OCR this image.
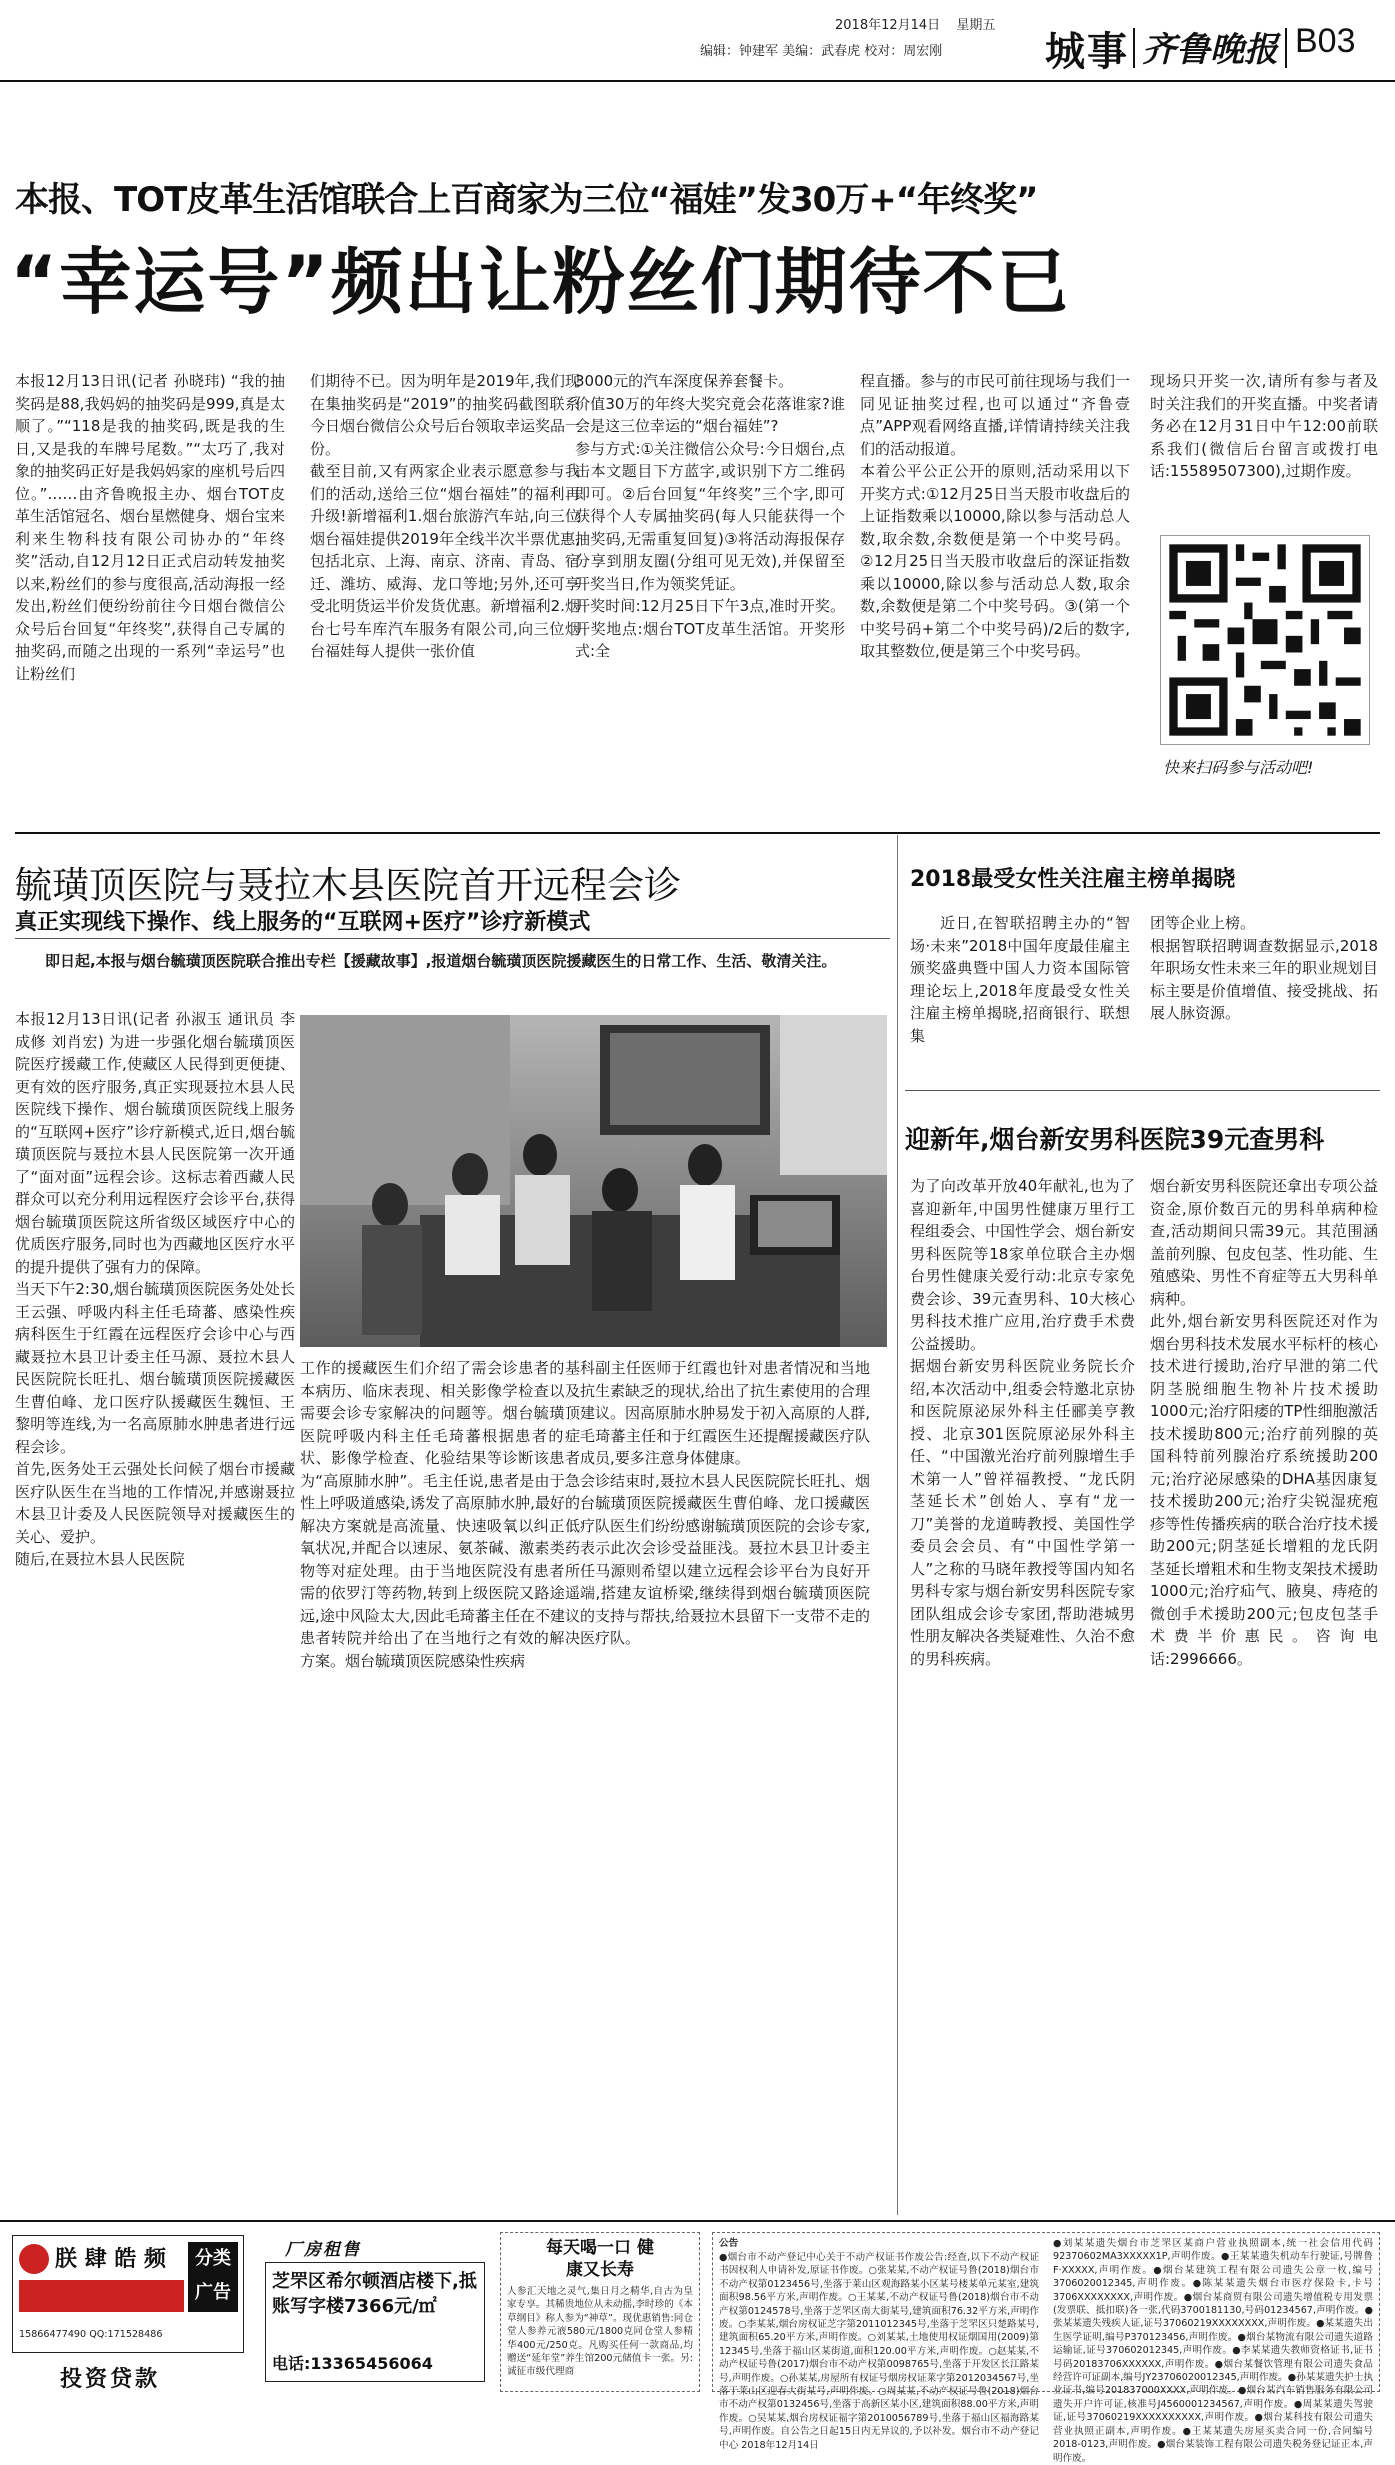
2018年12月14日 星期五
编辑：钟建军 美编：武春虎 校对：周宏刚	城事 齐鲁晚报 B03
本报、TOT皮革生活馆联合上百商家为三位“福娃”发30万+“年终奖”
“幸运号”频出让粉丝们期待不已
本报12月13日讯(记者 孙晓玮) “我的抽奖码是88,我妈妈的抽奖码是999,真是太顺了。”“118是我的抽奖码,既是我的生日,又是我的车牌号尾数。”“太巧了,我对象的抽奖码正好是我妈妈家的座机号后四位。”……由齐鲁晚报主办、烟台TOT皮革生活馆冠名、烟台星燃健身、烟台宝来利来生物科技有限公司协办的“年终奖”活动,自12月12日正式启动转发抽奖以来,粉丝们的参与度很高,活动海报一经发出,粉丝们便纷纷前往今日烟台微信公众号后台回复“年终奖”,获得自己专属的抽奖码,而随之出现的一系列“幸运号”也让粉丝们
们期待不已。因为明年是2019年,我们现在集抽奖码是“2019”的抽奖码截图联系今日烟台微信公众号后台领取幸运奖品一份。
截至目前,又有两家企业表示愿意参与我们的活动,送给三位“烟台福娃”的福利再升级!新增福利1.烟台旅游汽车站,向三位烟台福娃提供2019年全线半次半票优惠,包括北京、上海、南京、济南、青岛、宿迁、潍坊、威海、龙口等地;另外,还可享受北明货运半价发货优惠。新增福利2.烟台七号车库汽车服务有限公司,向三位烟台福娃每人提供一张价值
3000元的汽车深度保养套餐卡。
价值30万的年终大奖究竟会花落谁家?谁会是这三位幸运的“烟台福娃”?
参与方式:①关注微信公众号:今日烟台,点击本文题目下方蓝字,或识别下方二维码即可。②后台回复“年终奖”三个字,即可获得个人专属抽奖码(每人只能获得一个抽奖码,无需重复回复)③将活动海报保存分享到朋友圈(分组可见无效),并保留至开奖当日,作为领奖凭证。
开奖时间:12月25日下午3点,准时开奖。开奖地点:烟台TOT皮革生活馆。开奖形式:全
程直播。参与的市民可前往现场与我们一同见证抽奖过程,也可以通过“齐鲁壹点”APP观看网络直播,详情请持续关注我们的活动报道。
本着公平公正公开的原则,活动采用以下开奖方式:①12月25日当天股市收盘后的上证指数乘以10000,除以参与活动总人数,取余数,余数便是第一个中奖号码。②12月25日当天股市收盘后的深证指数乘以10000,除以参与活动总人数,取余数,余数便是第二个中奖号码。③(第一个中奖号码+第二个中奖号码)/2后的数字,取其整数位,便是第三个中奖号码。
现场只开奖一次,请所有参与者及时关注我们的开奖直播。中奖者请务必在12月31日中午12:00前联系我们(微信后台留言或拨打电话:15589507300),过期作废。
快来扫码参与活动吧!
毓璜顶医院与聂拉木县医院首开远程会诊
真正实现线下操作、线上服务的“互联网+医疗”诊疗新模式
即日起,本报与烟台毓璜顶医院联合推出专栏【援藏故事】,报道烟台毓璜顶医院援藏医生的日常工作、生活、敬清关注。
本报12月13日讯(记者 孙淑玉 通讯员 李成修 刘肖宏) 为进一步强化烟台毓璜顶医院医疗援藏工作,使藏区人民得到更便捷、更有效的医疗服务,真正实现聂拉木县人民医院线下操作、烟台毓璜顶医院线上服务的“互联网+医疗”诊疗新模式,近日,烟台毓璜顶医院与聂拉木县人民医院第一次开通了“面对面”远程会诊。这标志着西藏人民群众可以充分利用远程医疗会诊平台,获得烟台毓璜顶医院这所省级区域医疗中心的优质医疗服务,同时也为西藏地区医疗水平的提升提供了强有力的保障。
当天下午2:30,烟台毓璜顶医院医务处处长王云强、呼吸内科主任毛琦蕃、感染性疾病科医生于红霞在远程医疗会诊中心与西藏聂拉木县卫计委主任马源、聂拉木县人民医院院长旺扎、烟台毓璜顶医院援藏医生曹伯峰、龙口医疗队援藏医生魏恒、王黎明等连线,为一名高原肺水肿患者进行远程会诊。
首先,医务处王云强处长问候了烟台市援藏医疗队医生在当地的工作情况,并感谢聂拉木县卫计委及人民医院领导对援藏医生的关心、爱护。
随后,在聂拉木县人民医院
工作的援藏医生们介绍了需会诊患者的基本病历、临床表现、相关影像学检查以及需要会诊专家解决的问题等。烟台毓璜顶医院呼吸内科主任毛琦蕃根据患者的症状、影像学检查、化验结果等诊断该患者为“高原肺水肿”。毛主任说,患者是由于急性上呼吸道感染,诱发了高原肺水肿,最好的解决方案就是高流量、快速吸氧以纠正低氧状况,并配合以速尿、氨茶碱、激素类药物等对症处理。由于当地医院没有患者所需的依罗汀等药物,转到上级医院又路途遥远,途中风险太大,因此毛琦蕃主任在不建议患者转院并给出了在当地行之有效的解决方案。烟台毓璜顶医院感染性疾病
科副主任医师于红霞也针对患者情况和当地抗生素缺乏的现状,给出了抗生素使用的合理建议。因高原肺水肿易发于初入高原的人群,毛琦蕃主任和于红霞医生还提醒援藏医疗队成员,要多注意身体健康。
会诊结束时,聂拉木县人民医院院长旺扎、烟台毓璜顶医院援藏医生曹伯峰、龙口援藏医疗队医生们纷纷感谢毓璜顶医院的会诊专家,表示此次会诊受益匪浅。聂拉木县卫计委主任马源则希望以建立远程会诊平台为良好开端,搭建友谊桥梁,继续得到烟台毓璜顶医院的支持与帮扶,给聂拉木县留下一支带不走的医疗队。
2018最受女性关注雇主榜单揭晓
近日,在智联招聘主办的“智场·未来”2018中国年度最佳雇主颁奖盛典暨中国人力资本国际管理论坛上,2018年度最受女性关注雇主榜单揭晓,招商银行、联想集
团等企业上榜。
根据智联招聘调查数据显示,2018年职场女性未来三年的职业规划目标主要是价值增值、接受挑战、拓展人脉资源。
迎新年,烟台新安男科医院39元查男科
为了向改革开放40年献礼,也为了喜迎新年,中国男性健康万里行工程组委会、中国性学会、烟台新安男科医院等18家单位联合主办烟台男性健康关爱行动:北京专家免费会诊、39元查男科、10大核心男科技术推广应用,治疗费手术费公益援助。
据烟台新安男科医院业务院长介绍,本次活动中,组委会特邀北京协和医院原泌尿外科主任郦美亨教授、北京301医院原泌尿外科主任、“中国激光治疗前列腺增生手术第一人”曾祥福教授、“龙氏阴茎延长术”创始人、享有“龙一刀”美誉的龙道畴教授、美国性学委员会会员、有“中国性学第一人”之称的马晓年教授等国内知名男科专家与烟台新安男科医院专家团队组成会诊专家团,帮助港城男性朋友解决各类疑难性、久治不愈的男科疾病。
烟台新安男科医院还拿出专项公益资金,原价数百元的男科单病种检查,活动期间只需39元。其范围涵盖前列腺、包皮包茎、性功能、生殖感染、男性不育症等五大男科单病种。
此外,烟台新安男科医院还对作为烟台男科技术发展水平标杆的核心技术进行援助,治疗早泄的第二代阴茎脱细胞生物补片技术援助1000元;治疗阳痿的TP性细胞激活技术援助800元;治疗前列腺的英国科特前列腺治疗系统援助200元;治疗泌尿感染的DHA基因康复技术援助200元;治疗尖锐湿疣疱疹等性传播疾病的联合治疗技术援助200元;阴茎延长增粗的龙氏阴茎延长增粗术和生物支架技术援助1000元;治疗疝气、腋臭、痔疮的微创手术援助200元;包皮包茎手术费半价惠民。咨询电话:2996666。
朕 肆 皓 频	分类广告
15866477490 QQ:171528486
投资贷款
厂房租售
芝罘区希尔顿酒店楼下,抵账写字楼7366元/㎡
电话:13365456064
每天喝一口 健康又长寿
人参汇天地之灵气,集日月之精华,自古为皇家专享。其稀贵地位从未动摇,李时珍的《本草纲目》称人参为“神草”。现优惠销售:同仓堂人参养元液580元/1800克同仓堂人参精华400元/250克。凡购买任何一款商品,均赠送“延年堂”养生馆200元储值卡一张。另:诚征市级代理商
公告
●烟台市不动产登记中心关于不动产权证书作废公告:经查,以下不动产权证书因权利人申请补发,原证书作废。○张某某,不动产权证号鲁(2018)烟台市不动产权第0123456号,坐落于莱山区观海路某小区某号楼某单元某室,建筑面积98.56平方米,声明作废。○王某某,不动产权证号鲁(2018)烟台市不动产权第0124578号,坐落于芝罘区南大街某号,建筑面积76.32平方米,声明作废。○李某某,烟台房权证芝字第2011012345号,坐落于芝罘区只楚路某号,建筑面积65.20平方米,声明作废。○刘某某,土地使用权证烟国用(2009)第12345号,坐落于福山区某街道,面积120.00平方米,声明作废。○赵某某,不动产权证号鲁(2017)烟台市不动产权第0098765号,坐落于开发区长江路某号,声明作废。○孙某某,房屋所有权证号烟房权证莱字第2012034567号,坐落于莱山区迎春大街某号,声明作废。○周某某,不动产权证号鲁(2018)烟台市不动产权第0132456号,坐落于高新区某小区,建筑面积88.00平方米,声明作废。○吴某某,烟台房权证福字第2010056789号,坐落于福山区福海路某号,声明作废。自公告之日起15日内无异议的,予以补发。烟台市不动产登记中心 2018年12月14日
●刘某某遗失烟台市芝罘区某商户营业执照副本,统一社会信用代码92370602MA3XXXXX1P,声明作废。●王某某遗失机动车行驶证,号牌鲁F·XXXXX,声明作废。●烟台某建筑工程有限公司遗失公章一枚,编号3706020012345,声明作废。●陈某某遗失烟台市医疗保险卡,卡号3706XXXXXXXX,声明作废。●烟台某商贸有限公司遗失增值税专用发票(发票联、抵扣联)各一张,代码3700181130,号码01234567,声明作废。●张某某遗失残疾人证,证号37060219XXXXXXXX,声明作废。●某某遗失出生医学证明,编号P370123456,声明作废。●烟台某物流有限公司遗失道路运输证,证号370602012345,声明作废。●李某某遗失教师资格证书,证书号码20183706XXXXXX,声明作废。●烟台某餐饮管理有限公司遗失食品经营许可证副本,编号JY23706020012345,声明作废。●孙某某遗失护士执业证书,编号201837000XXXX,声明作废。●烟台某汽车销售服务有限公司遗失开户许可证,核准号J4560001234567,声明作废。●周某某遗失驾驶证,证号37060219XXXXXXXXXX,声明作废。●烟台某科技有限公司遗失营业执照正副本,声明作废。●王某某遗失房屋买卖合同一份,合同编号2018-0123,声明作废。●烟台某装饰工程有限公司遗失税务登记证正本,声明作废。
